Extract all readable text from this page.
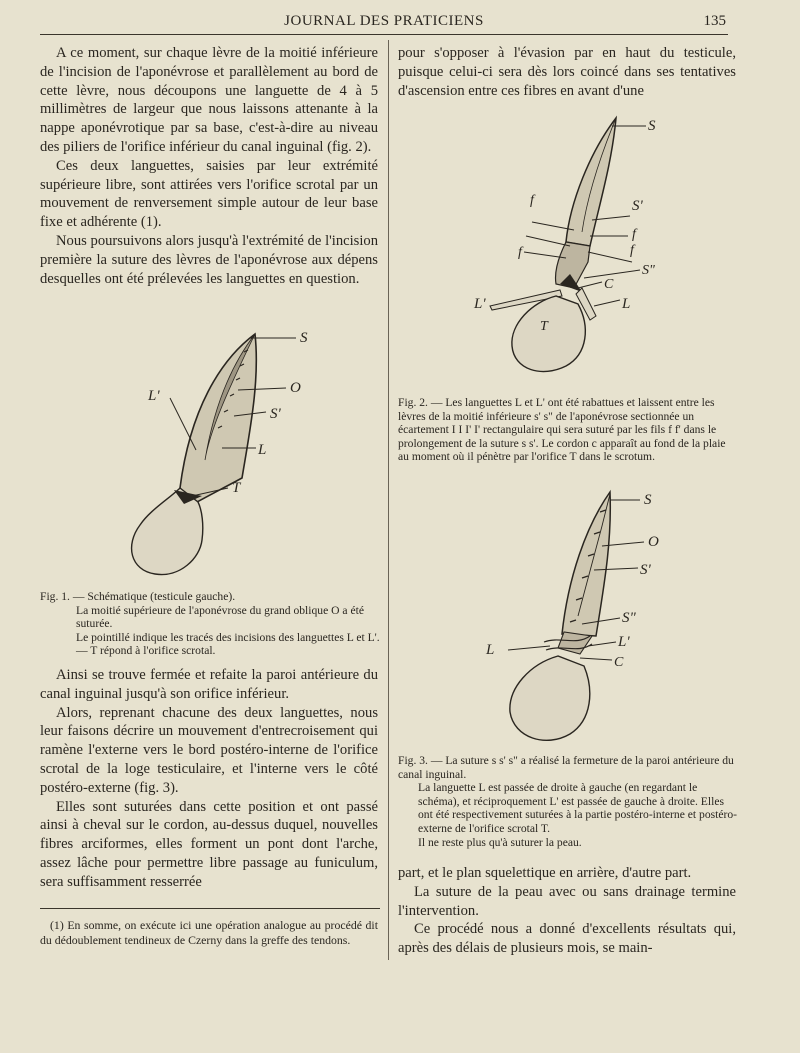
JOURNAL DES PRATICIENS	135

A ce moment, sur chaque lèvre de la moitié inférieure de l'incision de l'aponévrose et parallèlement au bord de cette lèvre, nous découpons une languette de 4 à 5 millimètres de largeur que nous laissons attenante à la nappe aponévrotique par sa base, c'est-à-dire au niveau des piliers de l'orifice inférieur du canal inguinal (fig. 2).

Ces deux languettes, saisies par leur extrémité supérieure libre, sont attirées vers l'orifice scrotal par un mouvement de renversement simple autour de leur base fixe et adhérente (1).

Nous poursuivons alors jusqu'à l'extrémité de l'incision première la suture des lèvres de l'aponévrose aux dépens desquelles ont été prélevées les languettes en question.

S
L'	O
S'
L
T

Fig. 1. — Schématique (testicule gauche).

La moitié supérieure de l'aponévrose du grand oblique O a été suturée.

Le pointillé indique les tracés des incisions des languettes L et L'. — T répond à l'orifice scrotal.

Ainsi se trouve fermée et refaite la paroi antérieure du canal inguinal jusqu'à son orifice inférieur.

Alors, reprenant chacune des deux languettes, nous leur faisons décrire un mouvement d'entrecroisement qui ramène l'externe vers le bord postéro-interne de l'orifice scrotal de la loge testiculaire, et l'interne vers le côté postéro-externe (fig. 3).

Elles sont suturées dans cette position et ont passé ainsi à cheval sur le cordon, au-dessus duquel, nouvelles fibres arciformes, elles forment un pont dont l'arche, assez lâche pour permettre libre passage au funiculum, sera suffisamment resserrée

(1) En somme, on exécute ici une opération analogue au procédé dit du dédoublement tendineux de Czerny dans la greffe des tendons.

pour s'opposer à l'évasion par en haut du testicule, puisque celui-ci sera dès lors coincé dans ses tentatives d'ascension entre ces fibres en avant d'une

S
f
f
S'
f
f
S"
L'
C
L
T

Fig. 2. — Les languettes L et L' ont été rabattues et laissent entre les lèvres de la moitié inférieure s' s" de l'aponévrose sectionnée un écartement I I I' I' rectangulaire qui sera suturé par les fils f f' dans le prolongement de la suture s s'. Le cordon c apparaît au fond de la plaie au moment où il pénètre par l'orifice T dans le scrotum.

S
O
S'
S"
L	L'
C

Fig. 3. — La suture s s' s" a réalisé la fermeture de la paroi antérieure du canal inguinal.

La languette L est passée de droite à gauche (en regardant le schéma), et réciproquement L' est passée de gauche à droite. Elles ont été respectivement suturées à la partie postéro-interne et postéro-externe de l'orifice scrotal T.

Il ne reste plus qu'à suturer la peau.

part, et le plan squelettique en arrière, d'autre part.

La suture de la peau avec ou sans drainage termine l'intervention.

Ce procédé nous a donné d'excellents résultats qui, après des délais de plusieurs mois, se main-
